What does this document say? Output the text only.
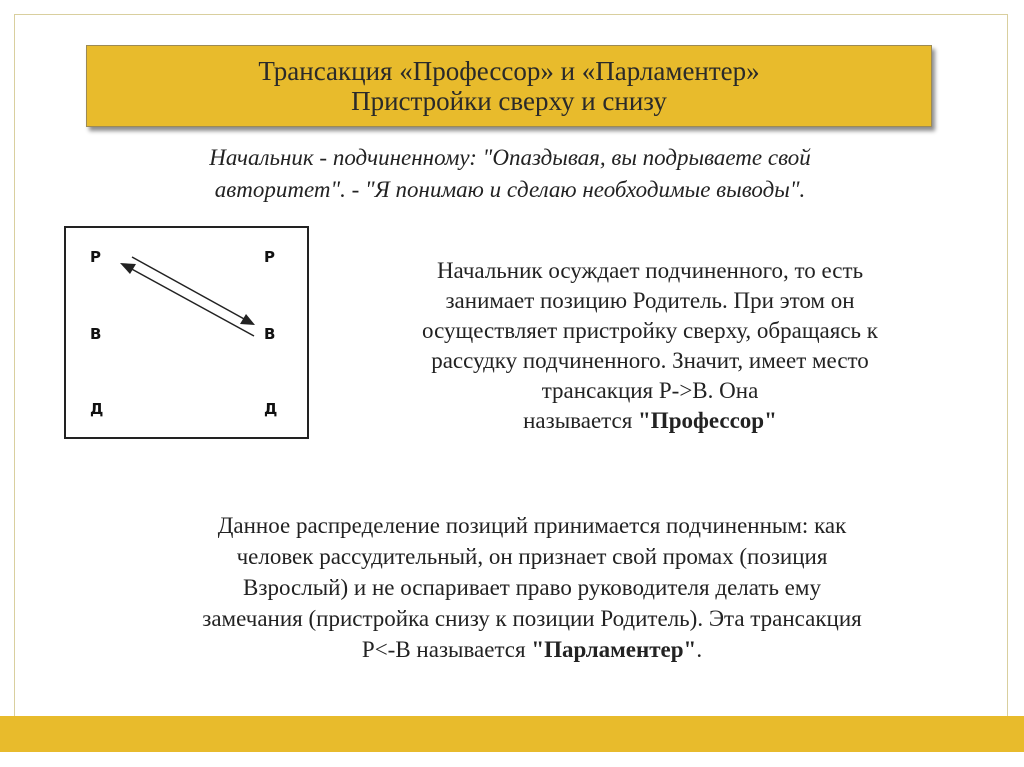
Трансакция «Профессор» и «Парламентер»
Пристройки сверху и снизу
Начальник - подчиненному: "Опаздывая, вы подрываете свой
авторитет". - "Я понимаю и сделаю необходимые выводы".
Р
В
Д
Р
В
Д
Начальник осуждает подчиненного, то есть
занимает позицию Родитель. При этом он
осуществляет пристройку сверху, обращаясь к
рассудку подчиненного. Значит, имеет место
трансакция Р->В. Она
называется "Профессор"
Данное распределение позиций принимается подчиненным: как
человек рассудительный, он признает свой промах (позиция
Взрослый) и не оспаривает право руководителя делать ему
замечания (пристройка снизу к позиции Родитель). Эта трансакция
Р<-В называется "Парламентер".
